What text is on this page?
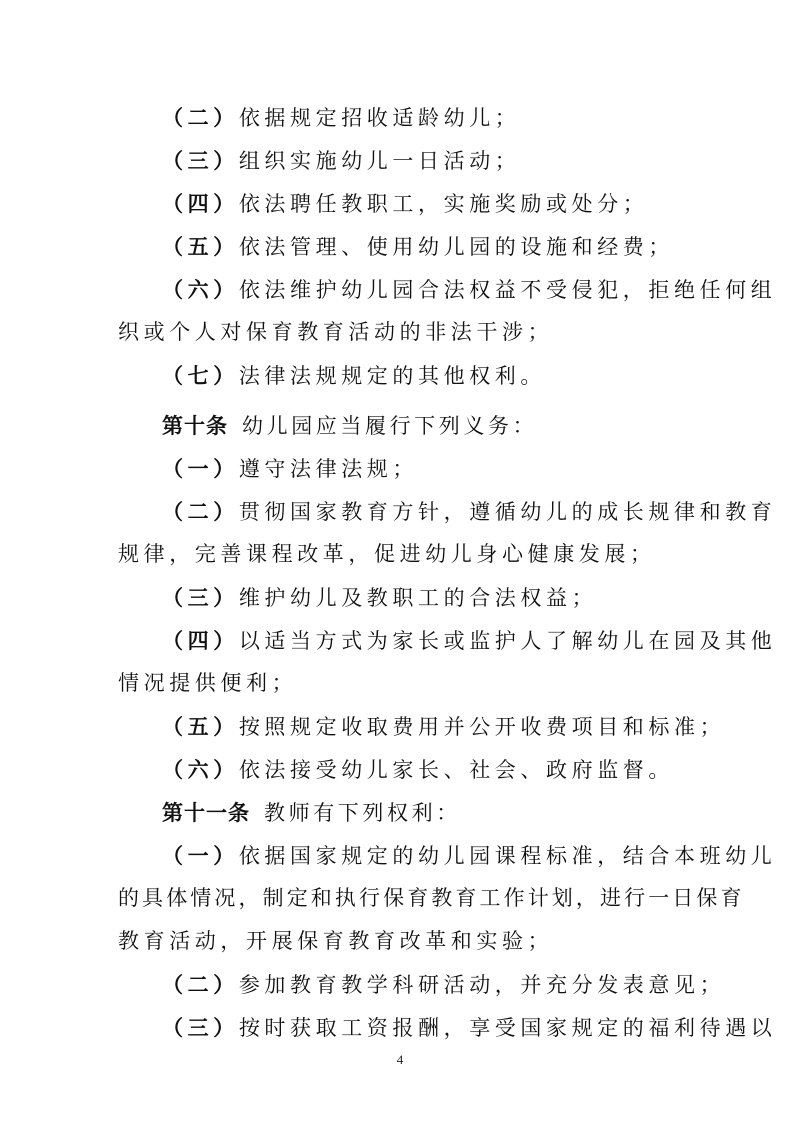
（二）依据规定招收适龄幼儿；
（三）组织实施幼儿一日活动；
（四）依法聘任教职工，实施奖励或处分；
（五）依法管理、使用幼儿园的设施和经费；
（六）依法维护幼儿园合法权益不受侵犯，拒绝任何组
织或个人对保育教育活动的非法干涉；
（七）法律法规规定的其他权利。
第十条 幼儿园应当履行下列义务：
（一）遵守法律法规；
（二）贯彻国家教育方针，遵循幼儿的成长规律和教育
规律，完善课程改革，促进幼儿身心健康发展；
（三）维护幼儿及教职工的合法权益；
（四）以适当方式为家长或监护人了解幼儿在园及其他
情况提供便利；
（五）按照规定收取费用并公开收费项目和标准；
（六）依法接受幼儿家长、社会、政府监督。
第十一条 教师有下列权利：
（一）依据国家规定的幼儿园课程标准，结合本班幼儿
的具体情况，制定和执行保育教育工作计划，进行一日保育
教育活动，开展保育教育改革和实验；
（二）参加教育教学科研活动，并充分发表意见；
（三）按时获取工资报酬，享受国家规定的福利待遇以
4
